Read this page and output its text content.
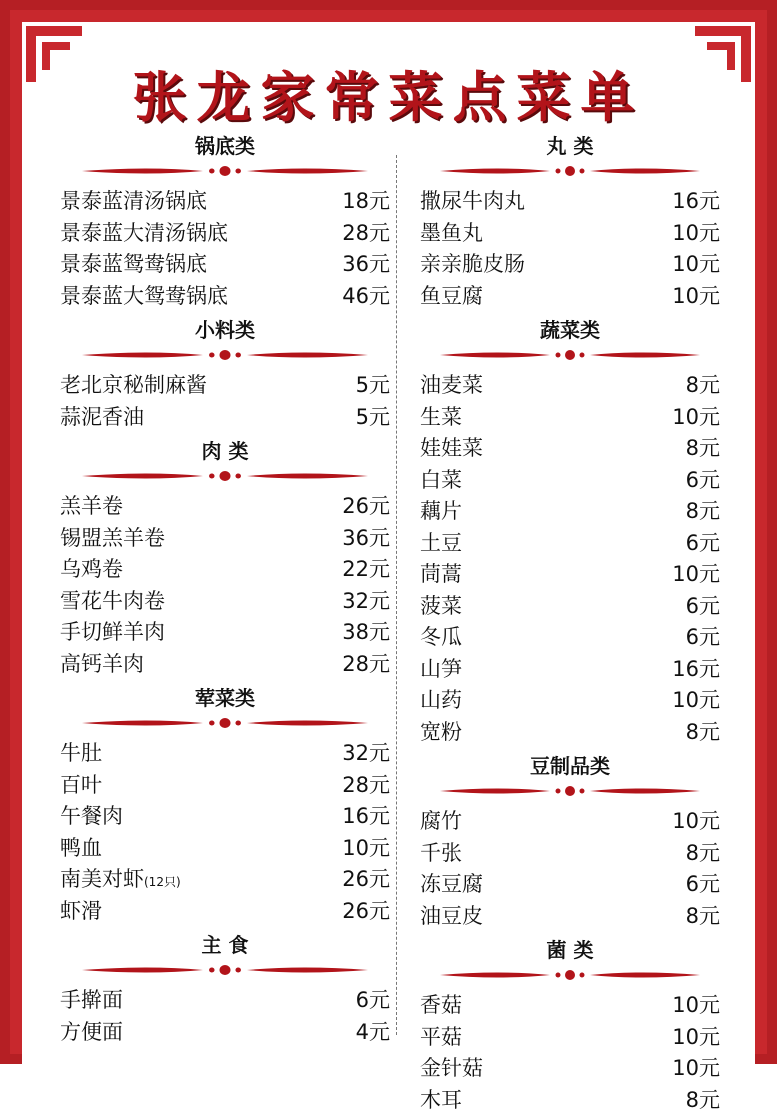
张龙家常菜点菜单
锅底类
景泰蓝清汤锅底	18元
景泰蓝大清汤锅底	28元
景泰蓝鸳鸯锅底	36元
景泰蓝大鸳鸯锅底	46元
小料类
老北京秘制麻酱	5元
蒜泥香油	5元
肉 类
羔羊卷	26元
锡盟羔羊卷	36元
乌鸡卷	22元
雪花牛肉卷	32元
手切鲜羊肉	38元
高钙羊肉	28元
荤菜类
牛肚	32元
百叶	28元
午餐肉	16元
鸭血	10元
南美对虾(12只)	26元
虾滑	26元
主 食
手擀面	6元
方便面	4元
丸 类
撒尿牛肉丸	16元
墨鱼丸	10元
亲亲脆皮肠	10元
鱼豆腐	10元
蔬菜类
油麦菜	8元
生菜	10元
娃娃菜	8元
白菜	6元
藕片	8元
土豆	6元
茼蒿	10元
菠菜	6元
冬瓜	6元
山笋	16元
山药	10元
宽粉	8元
豆制品类
腐竹	10元
千张	8元
冻豆腐	6元
油豆皮	8元
菌 类
香菇	10元
平菇	10元
金针菇	10元
木耳	8元
